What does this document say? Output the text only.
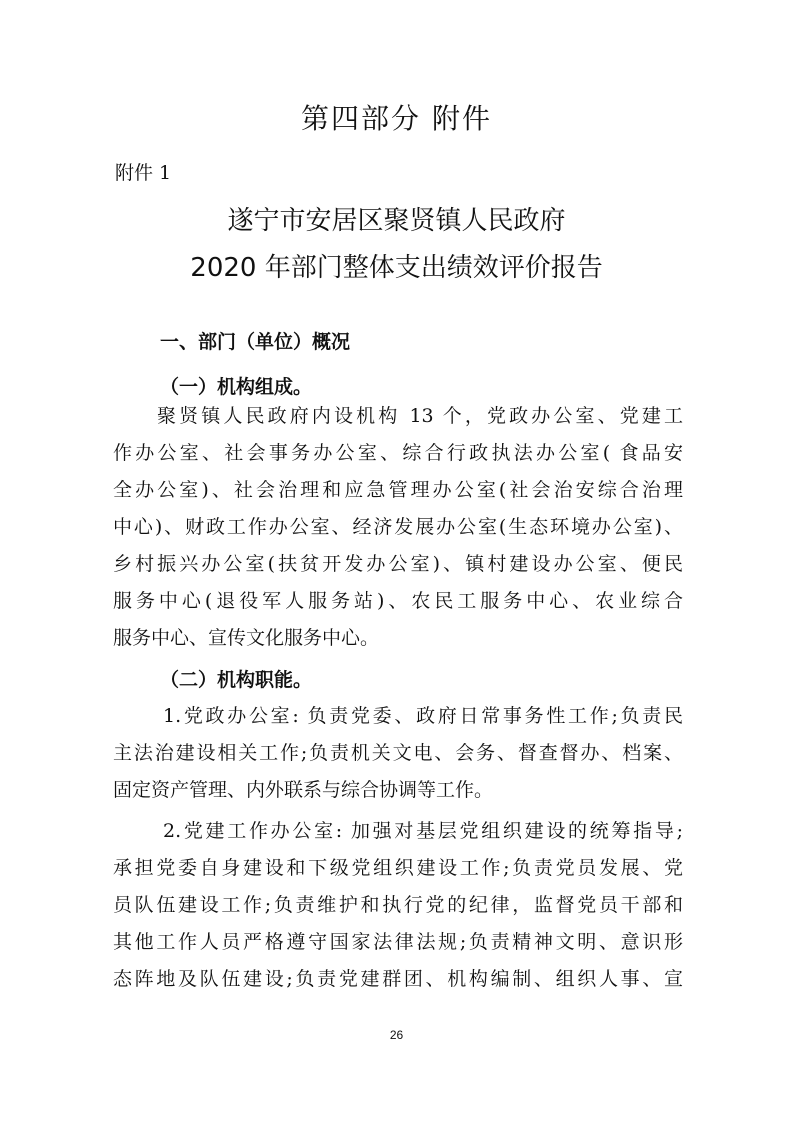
第四部分 附件
附件 1
遂宁市安居区聚贤镇人民政府
2020 年部门整体支出绩效评价报告
一、部门（单位）概况
（一）机构组成。
聚贤镇人民政府内设机构 13 个，党政办公室、党建工
作办公室、社会事务办公室、综合行政执法办公室( 食品安
全办公室)、社会治理和应急管理办公室(社会治安综合治理
中心)、财政工作办公室、经济发展办公室(生态环境办公室)、
乡村振兴办公室(扶贫开发办公室)、镇村建设办公室、便民
服务中心(退役军人服务站)、农民工服务中心、农业综合
服务中心、宣传文化服务中心。
（二）机构职能。
1.党政办公室: 负责党委、政府日常事务性工作;负责民
主法治建设相关工作;负责机关文电、会务、督查督办、档案、
固定资产管理、内外联系与综合协调等工作。
2.党建工作办公室: 加强对基层党组织建设的统筹指导;
承担党委自身建设和下级党组织建设工作;负责党员发展、党
员队伍建设工作;负责维护和执行党的纪律，监督党员干部和
其他工作人员严格遵守国家法律法规;负责精神文明、意识形
态阵地及队伍建设;负责党建群团、机构编制、组织人事、宣
26
